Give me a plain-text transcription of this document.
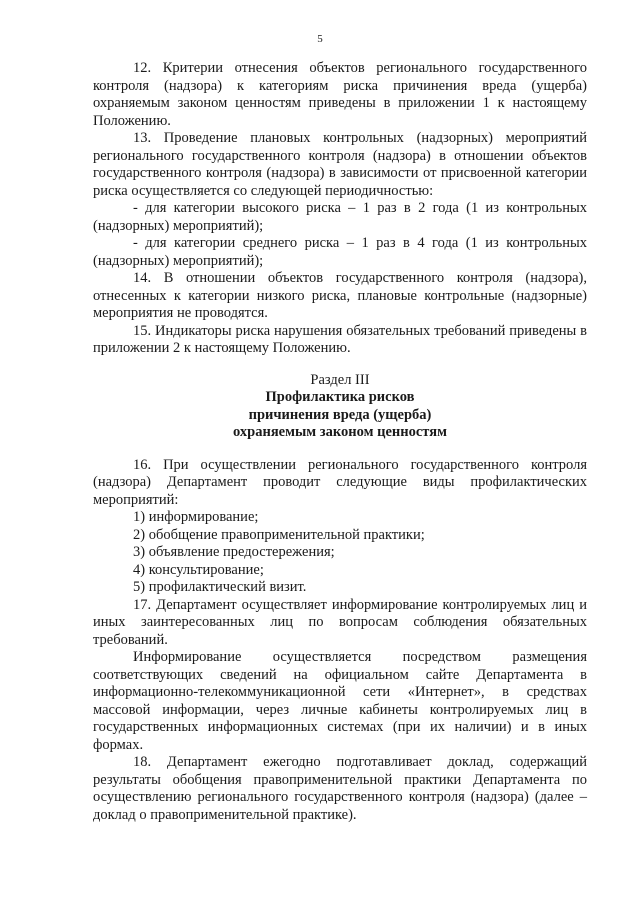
5

12. Критерии отнесения объектов регионального государственного контроля (надзора) к категориям риска причинения вреда (ущерба) охраняемым законом ценностям приведены в приложении 1 к настоящему Положению.

13. Проведение плановых контрольных (надзорных) мероприятий регионального государственного контроля (надзора) в отношении объектов государственного контроля (надзора) в зависимости от присвоенной категории риска осуществляется со следующей периодичностью:

- для категории высокого риска – 1 раз в 2 года (1 из контрольных (надзорных) мероприятий);

- для категории среднего риска – 1 раз в 4 года (1 из контрольных (надзорных) мероприятий);

14. В отношении объектов государственного контроля (надзора), отнесенных к категории низкого риска, плановые контрольные (надзорные) мероприятия не проводятся.

15. Индикаторы риска нарушения обязательных требований приведены в приложении 2 к настоящему Положению.

Раздел III

Профилактика рисков

причинения вреда (ущерба)

охраняемым законом ценностям

16. При осуществлении регионального государственного контроля (надзора) Департамент проводит следующие виды профилактических мероприятий:

1) информирование;

2) обобщение правоприменительной практики;

3) объявление предостережения;

4) консультирование;

5) профилактический визит.

17. Департамент осуществляет информирование контролируемых лиц и иных заинтересованных лиц по вопросам соблюдения обязательных требований.

Информирование осуществляется посредством размещения соответствующих сведений на официальном сайте Департамента в информационно-телекоммуникационной сети «Интернет», в средствах массовой информации, через личные кабинеты контролируемых лиц в государственных информационных системах (при их наличии) и в иных формах.

18. Департамент ежегодно подготавливает доклад, содержащий результаты обобщения правоприменительной практики Департамента по осуществлению регионального государственного контроля (надзора) (далее – доклад о правоприменительной практике).
